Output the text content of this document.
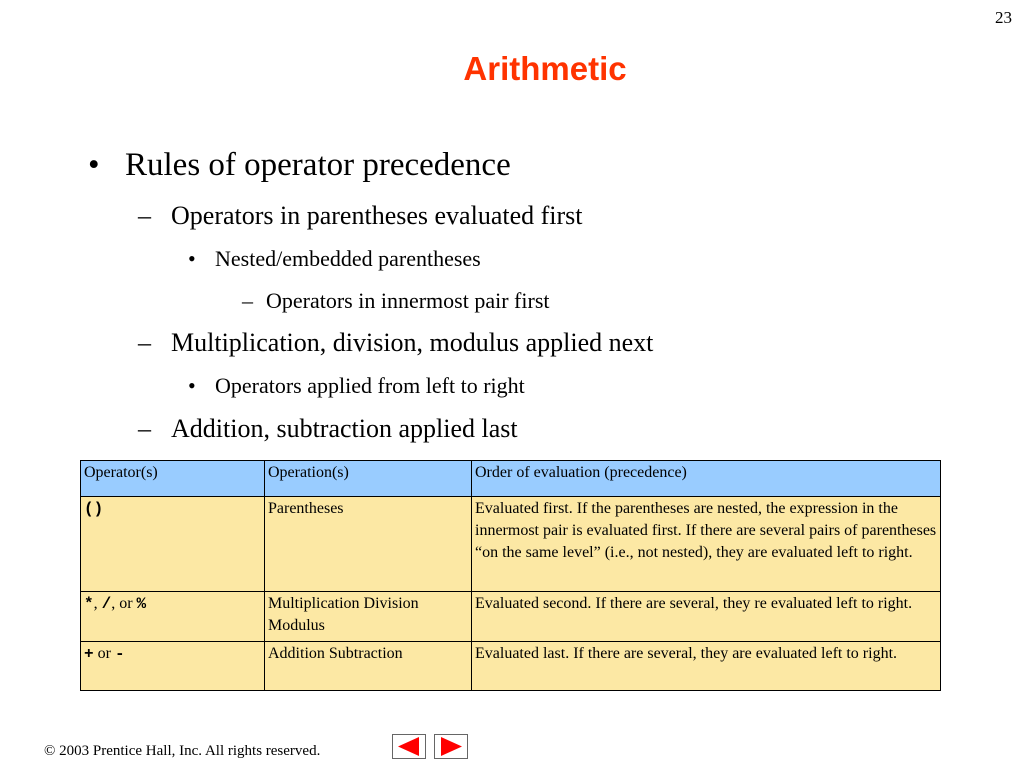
23
Arithmetic
• Rules of operator precedence
– Operators in parentheses evaluated first
• Nested/embedded parentheses
– Operators in innermost pair first
– Multiplication, division, modulus applied next
• Operators applied from left to right
– Addition, subtraction applied last
Operator(s)	Operation(s)	Order of evaluation (precedence)
()	Parentheses	Evaluated first. If the parentheses are nested, the expression in the innermost pair is evaluated first. If there are several pairs of parentheses “on the same level” (i.e., not nested), they are evaluated left to right.
*, /, or %	Multiplication Division Modulus	Evaluated second. If there are several, they re evaluated left to right.
+ or -	Addition Subtraction	Evaluated last. If there are several, they are evaluated left to right.
© 2003 Prentice Hall, Inc. All rights reserved.
